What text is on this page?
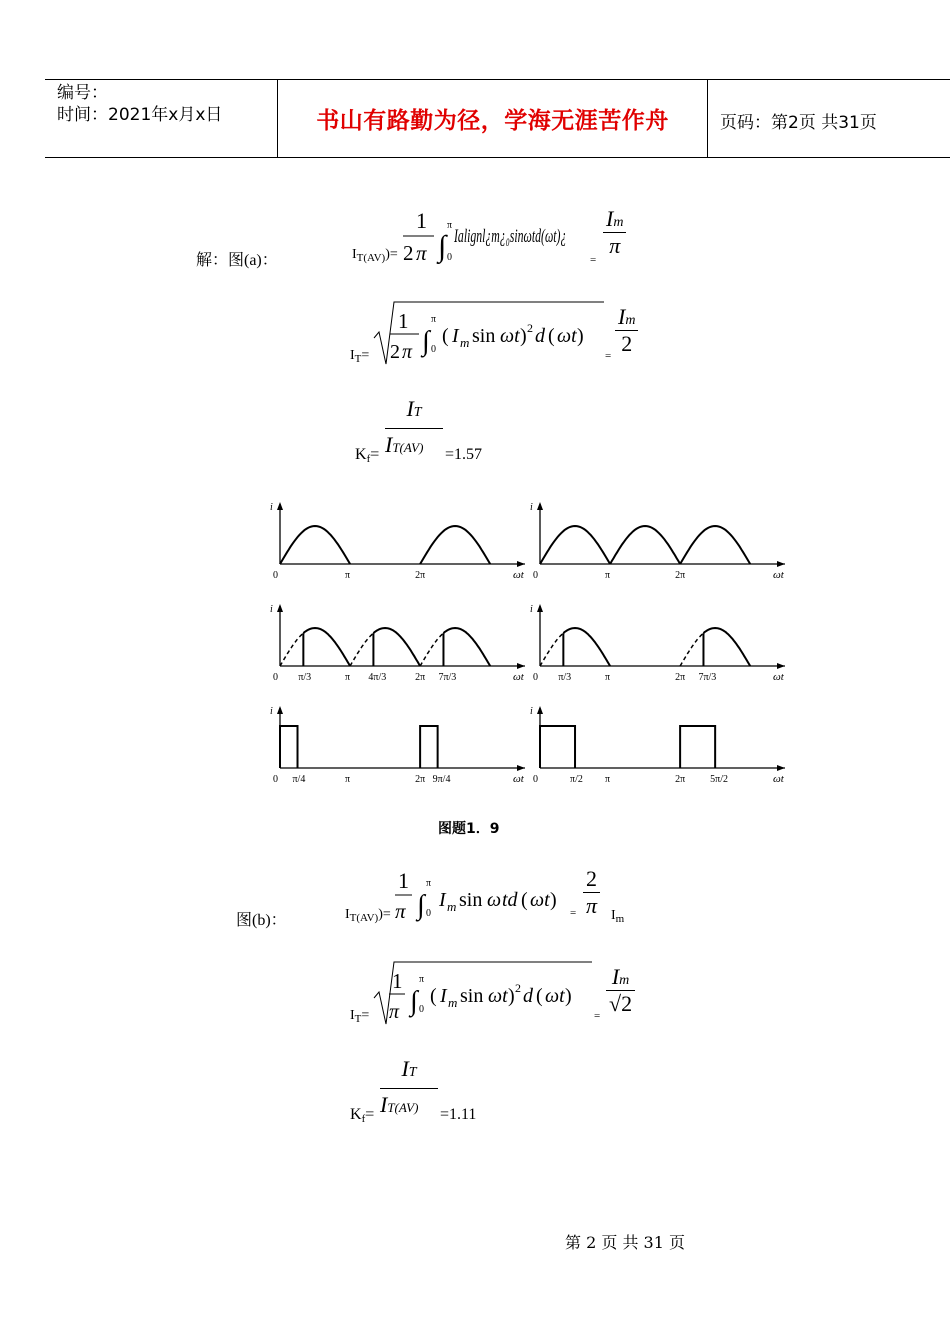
编号：
时间：2021年x月x日	书山有路勤为径，学海无涯苦作舟	页码：第2页 共31页
解：图(a)：	$I_{T(AV)})=$
1
2 π ∫
π
0
Ialignl¿m¿₀sinωtd(ωt)¿
=
$\frac{Im}{\pi}$
$I_T=$
1
2 π ∫
π
0
( I m sin ωt ) 2 d ( ωt )
= $\frac{Im}{2}$
Kf=
IT
IT(AV) =1.57
i
ωt
0	π	2π
i
ωt
0	π	2π
i
ωt
0 π/3	π 4π/3	2π 7π/3
i
ωt
0 π/3	π	2π 7π/3
i
ωt
0 π/4	π	2π 9π/4
i
ωt
0	π/2 π	2π 5π/2
图题1．9
图(b)：	$I_{T(AV)})=$
1
π ∫
π
0
I m sin ω td ( ωt )
= $\frac{2}{\pi} I_m$
$I_T=$
1
π ∫
π
0
( I m sin ωt ) 2 d ( ωt )
= $\frac{Im}{√2}$
Kf=
IT
IT(AV) =1.11
第 2 页 共 31 页
